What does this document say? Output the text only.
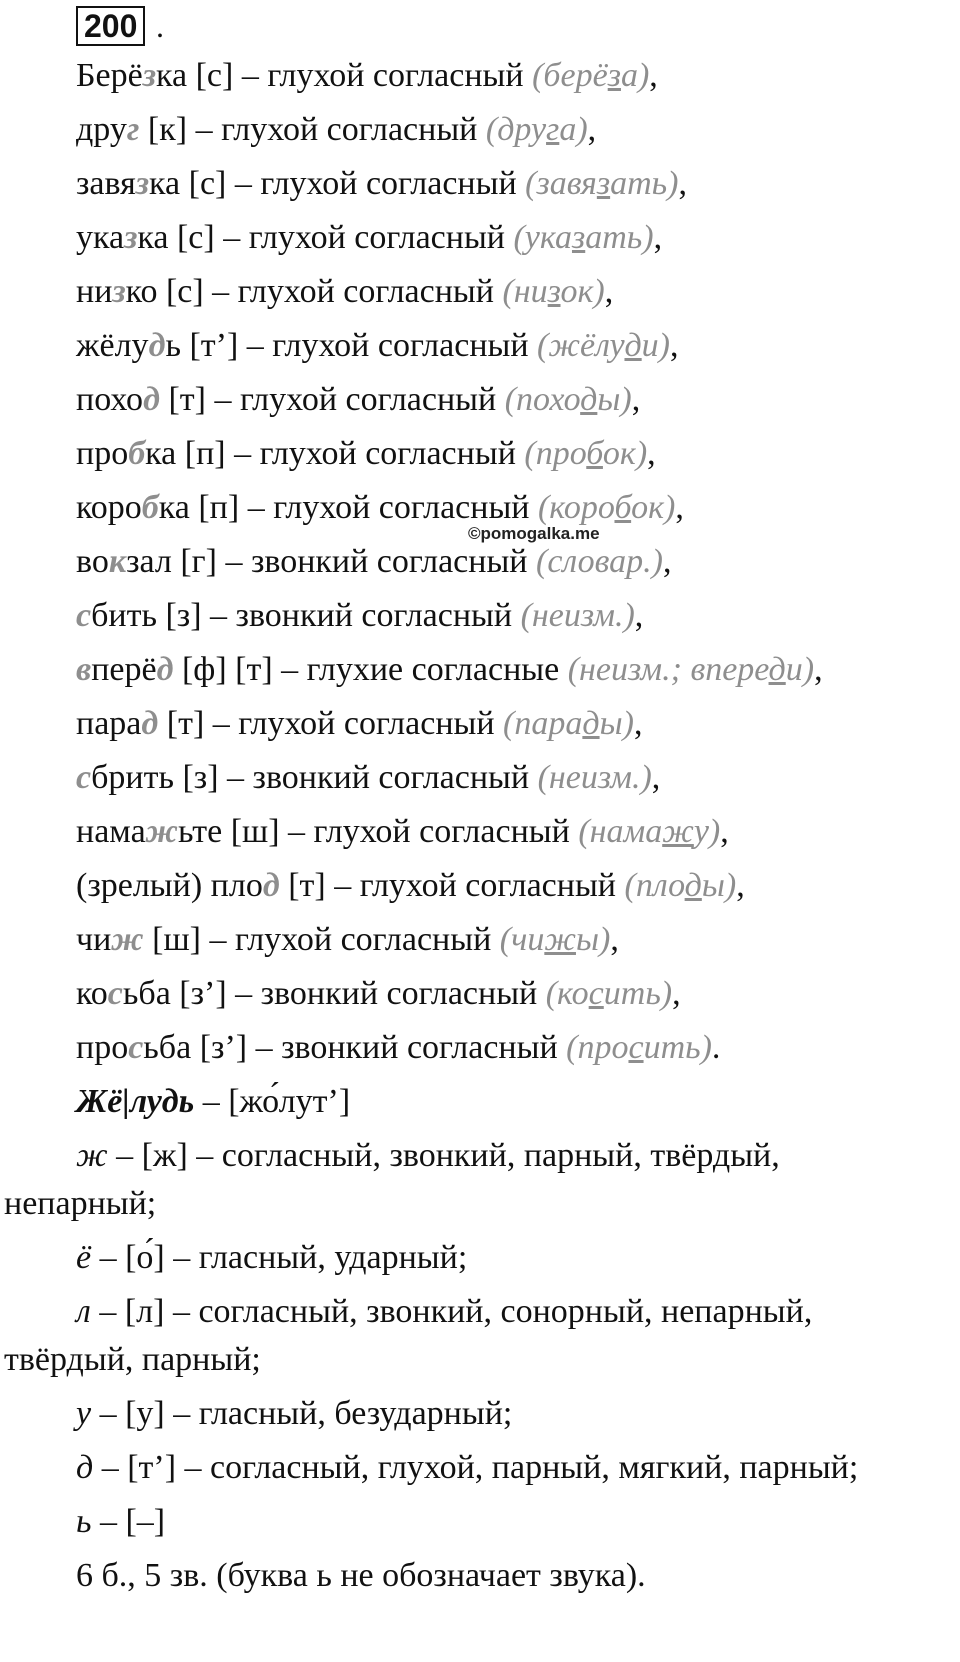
200 .
Берёзка [с] – глухой согласный (берёза),
друг [к] – глухой согласный (друга),
завязка [с] – глухой согласный (завязать),
указка [с] – глухой согласный (указать),
низко [с] – глухой согласный (низок),
жёлудь [т’] – глухой согласный (жёлуди),
поход [т] – глухой согласный (походы),
пробка [п] – глухой согласный (пробок),
коробка [п] – глухой согласный (коробок),
©pomogalka.me
вокзал [г] – звонкий согласный (словар.),
сбить [з] – звонкий согласный (неизм.),
вперёд [ф] [т] – глухие согласные (неизм.; впереди),
парад [т] – глухой согласный (парады),
сбрить [з] – звонкий согласный (неизм.),
намажьте [ш] – глухой согласный (намажу),
(зрелый) плод [т] – глухой согласный (плоды),
чиж [ш] – глухой согласный (чижы),
косьба [з’] – звонкий согласный (косить),
просьба [з’] – звонкий согласный (просить).
Жё|лудь – [жо́лут’]
ж – [ж] – согласный, звонкий, парный, твёрдый,
непарный;
ё – [о́] – гласный, ударный;
л – [л] – согласный, звонкий, сонорный, непарный,
твёрдый, парный;
у – [у] – гласный, безударный;
д – [т’] – согласный, глухой, парный, мягкий, парный;
ь – [–]
6 б., 5 зв. (буква ь не обозначает звука).
